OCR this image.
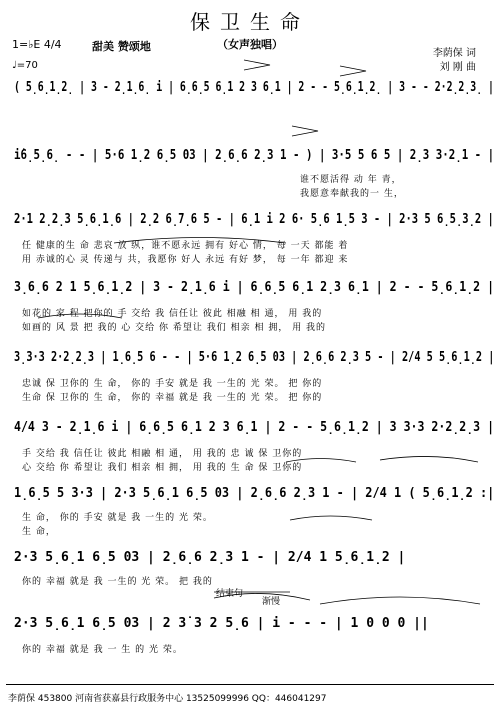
保卫生命
（女声独唱）
1=♭E 4/4
♩=70
甜美 赞颂地
李荫保 词
刘 刚 曲
( 5̣6̣1̣2̣ | 3 - 2̣1̣6̣ i | 6̣6̣5 6̣1 2 3 6̣1 | 2 - - 5̣6̣1̣2̣ | 3 - - 2·2̣2̣3̣ |
i̇6̣5̣6̣ - - | 5·6 1̣2 6̣5 03 | 2̣6̣6 2̣3 1 - ) | 3·5 5 6 5 | 2̣3 3·2̣1 - |
谁不愿活得 动 年 青，
我愿意奉献我的一 生，
2·1 2̣2̣3 5̣6̣1̣6 | 2̣2 6̣7̣6 5 - | 6̣1 i 2 6· 5̣6 1̣5 3 - | 2·3 5 6̣5̣3̣2 |
任 健康的生 命 悲哀 放 纵，谁不愿永远 拥有 好心 情， 每 一天 都能 着
用 赤诚的心 灵 传递与 共，我愿你 好人 永远 有好 梦， 每 一年 都迎 来
3̣6̣6 2 1 5̣6̣1̣2 | 3 - 2̣1̣6 i | 6̣6̣5 6̣1 2̣3 6̣1 | 2 - - 5̣6̣1̣2 |
如花的 家 程 把你的 手 交给 我 信任让 彼此 相融 相 通， 用 我的
如画的 风 景 把 我的 心 交给 你 希望让 我们 相亲 相 拥， 用 我的
3̣3·3 2·2̣2̣3 | 1̣6̣5 6 - - | 5·6 1̣2 6̣5 03 | 2̣6̣6 2̣3 5 - | 2/4 5 5̣6̣1̣2 |
忠诚 保 卫你的 生 命， 你的 手安 就是 我 一生的 光 荣。 把 你的
生命 保 卫你的 生 命， 你的 幸福 就是 我 一生的 光 荣。 把 你的
4/4 3 - 2̣1̣6 i | 6̣6̣5 6̣1 2 3 6̣1 | 2 - - 5̣6̣1̣2 | 3 3·3 2·2̣2̣3 |
手 交给 我 信任让 彼此 相融 相 通， 用 我的 忠 诚 保 卫你的
心 交给 你 希望让 我们 相亲 相 拥， 用 我的 生 命 保 卫你的
1̣6̣5 5 3·3 | 2·3 5̣6̣1 6̣5 03 | 2̣6̣6 2̣3 1 - | 2/4 1 ( 5̣6̣1̣2 :|
生 命， 你的 手安 就是 我 一生的 光 荣。
生 命，
2·3 5̣6̣1 6̣5 03 | 2̣6̣6 2̣3 1 - | 2/4 1 5̣6̣1̣2 |
你的 幸福 就是 我 一生的 光 荣。 把 我的
结束句
渐慢
2·3 5̣6̣1 6̣5 03 | 2 3̇ 3 2 5̣6 | i - - - | 1 0 0 0 ||
你的 幸福 就是 我 一 生 的 光 荣。
李荫保 453800 河南省获嘉县行政服务中心 13525099996 QQ：446041297
